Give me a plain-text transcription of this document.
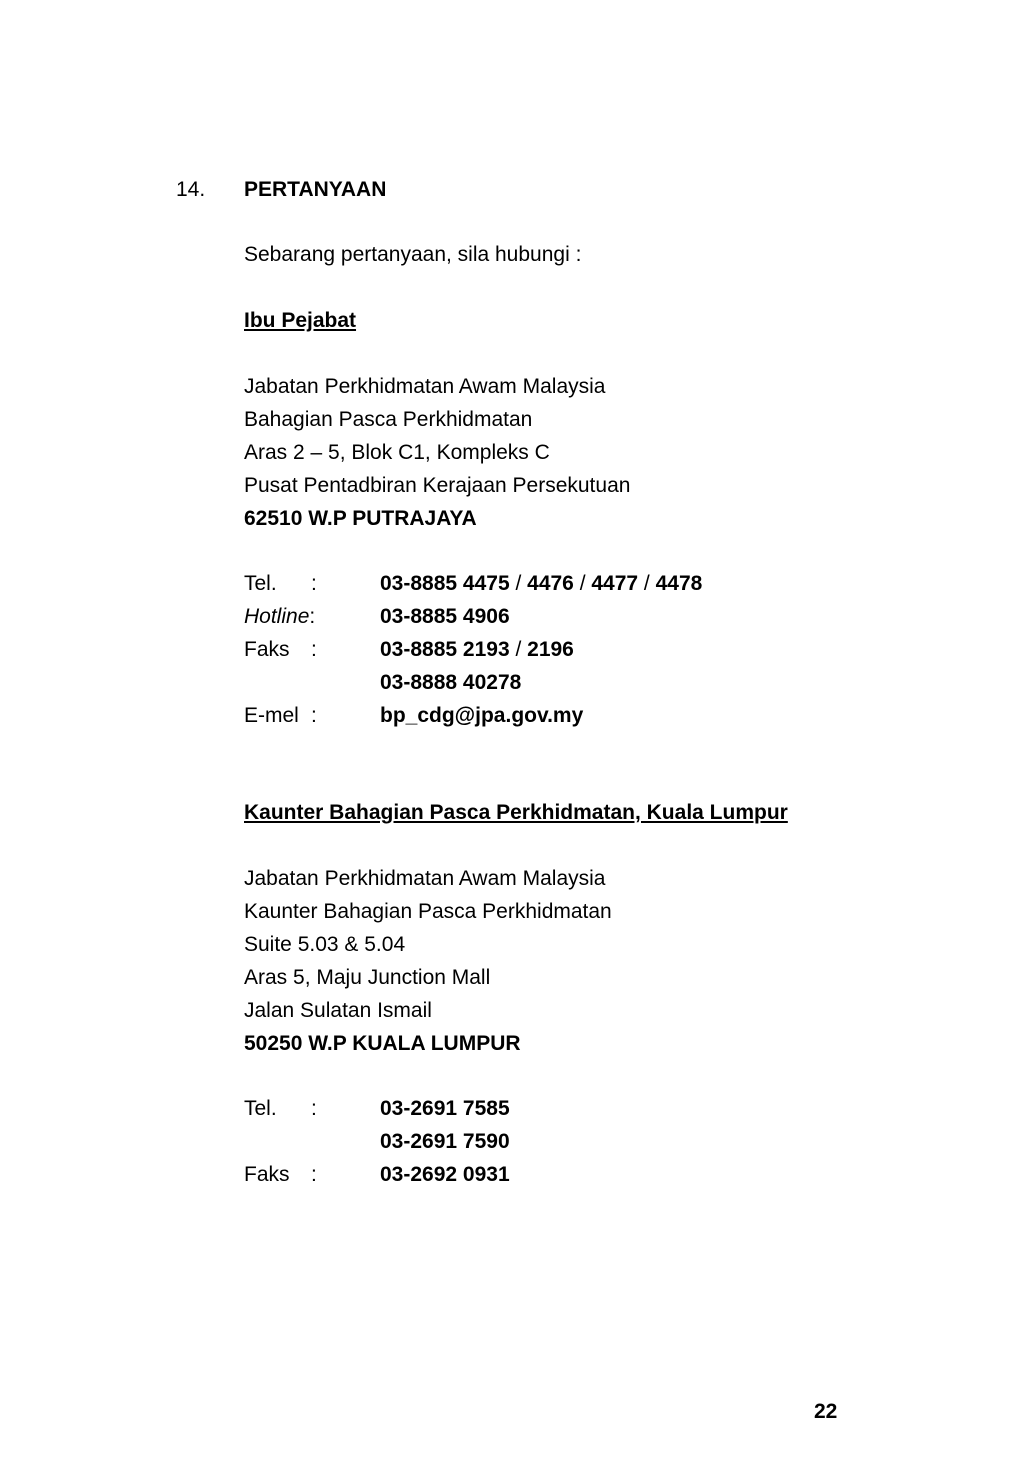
14. PERTANYAAN
Sebarang pertanyaan, sila hubungi :
Ibu Pejabat
Jabatan Perkhidmatan Awam Malaysia
Bahagian Pasca Perkhidmatan
Aras 2 – 5, Blok C1, Kompleks C
Pusat Pentadbiran Kerajaan Persekutuan
62510 W.P PUTRAJAYA
Tel. :	03-8885 4475 / 4476 / 4477 / 4478
Hotline:	03-8885 4906
Faks :	03-8885 2193 / 2196
03-8888 40278
E-mel :	bp_cdg@jpa.gov.my
Kaunter Bahagian Pasca Perkhidmatan, Kuala Lumpur
Jabatan Perkhidmatan Awam Malaysia
Kaunter Bahagian Pasca Perkhidmatan
Suite 5.03 & 5.04
Aras 5, Maju Junction Mall
Jalan Sulatan Ismail
50250 W.P KUALA LUMPUR
Tel. :	03-2691 7585
03-2691 7590
Faks :	03-2692 0931
22
